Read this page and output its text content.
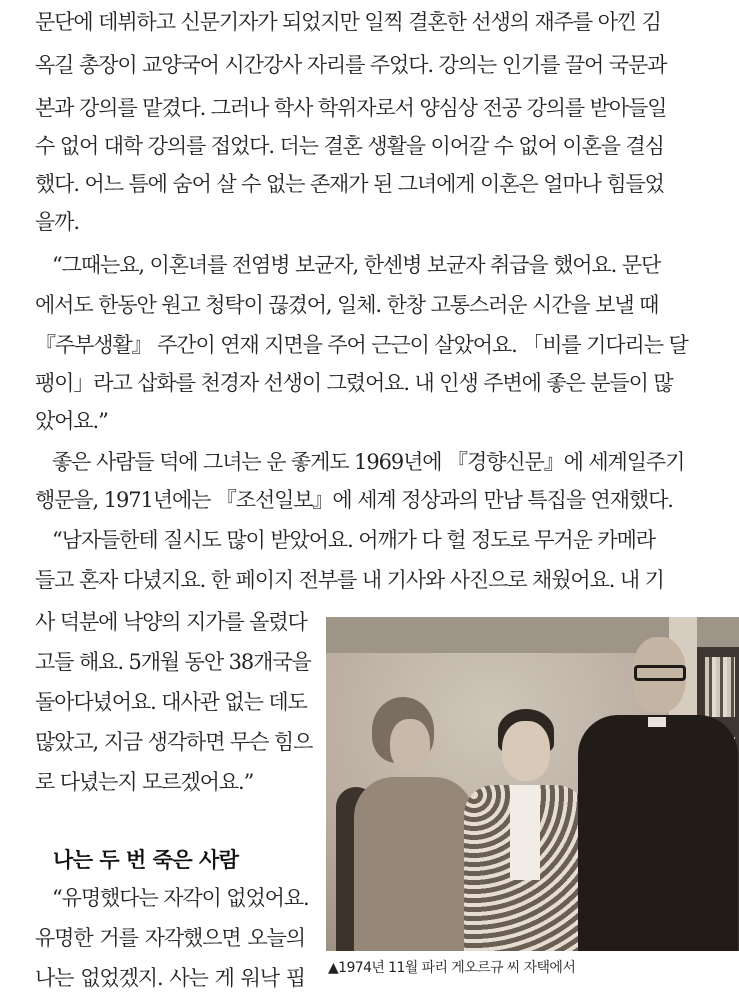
문단에 데뷔하고 신문기자가 되었지만 일찍 결혼한 선생의 재주를 아낀 김
옥길 총장이 교양국어 시간강사 자리를 주었다. 강의는 인기를 끌어 국문과
본과 강의를 맡겼다. 그러나 학사 학위자로서 양심상 전공 강의를 받아들일
수 없어 대학 강의를 접었다. 더는 결혼 생활을 이어갈 수 없어 이혼을 결심
했다. 어느 틈에 숨어 살 수 없는 존재가 된 그녀에게 이혼은 얼마나 힘들었
을까.
“그때는요, 이혼녀를 전염병 보균자, 한센병 보균자 취급을 했어요. 문단
에서도 한동안 원고 청탁이 끊겼어, 일체. 한창 고통스러운 시간을 보낼 때
『주부생활』 주간이 연재 지면을 주어 근근이 살았어요. 「비를 기다리는 달
팽이」라고 삽화를 천경자 선생이 그렸어요. 내 인생 주변에 좋은 분들이 많
았어요.”
좋은 사람들 덕에 그녀는 운 좋게도 1969년에 『경향신문』에 세계일주기
행문을, 1971년에는 『조선일보』에 세계 정상과의 만남 특집을 연재했다.
“남자들한테 질시도 많이 받았어요. 어깨가 다 헐 정도로 무거운 카메라
들고 혼자 다녔지요. 한 페이지 전부를 내 기사와 사진으로 채웠어요. 내 기
사 덕분에 낙양의 지가를 올렸다
고들 해요. 5개월 동안 38개국을
돌아다녔어요. 대사관 없는 데도
많았고, 지금 생각하면 무슨 힘으
로 다녔는지 모르겠어요.”
나는 두 번 죽은 사람
“유명했다는 자각이 없었어요.
유명한 거를 자각했으면 오늘의
나는 없었겠지. 사는 게 워낙 핍 ▲1974년 11월 파리 게오르규 씨 자택에서
